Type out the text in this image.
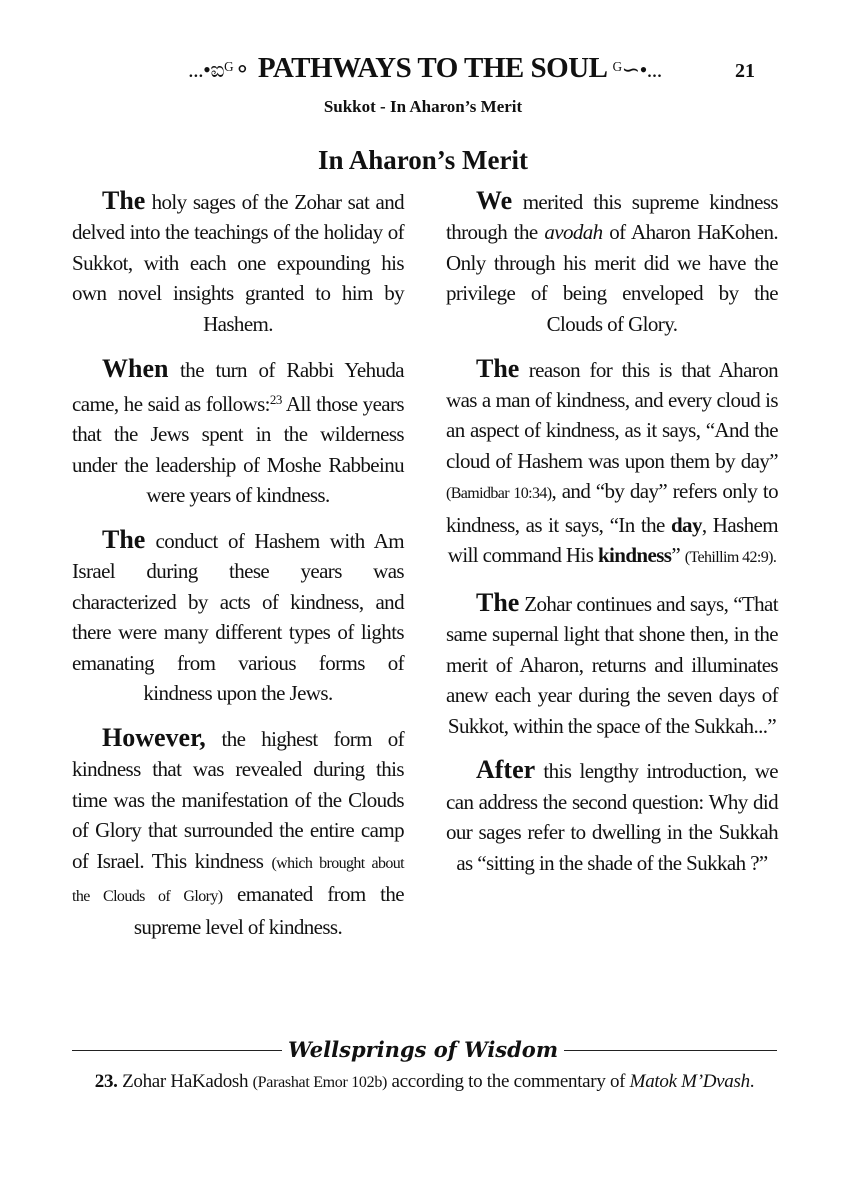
...•ಐᴳ⚬ PATHWAYS TO THE SOUL ᴳ∽•...	21
Sukkot - In Aharon’s Merit
In Aharon’s Merit

The holy sages of the Zohar sat and delved into the teachings of the holiday of Sukkot, with each one expounding his own novel insights granted to him by Hashem.

When the turn of Rabbi Yehuda came, he said as follows:$^{23}$ All those years that the Jews spent in the wilderness under the leadership of Moshe Rabbeinu were years of kindness.

The conduct of Hashem with Am Israel during these years was characterized by acts of kindness, and there were many different types of lights emanating from various forms of kindness upon the Jews.

However, the highest form of kindness that was revealed during this time was the manifestation of the Clouds of Glory that surrounded the entire camp of Israel. This kindness (which brought about the Clouds of Glory) emanated from the supreme level of kindness.

We merited this supreme kindness through the avodah of Aharon HaKohen. Only through his merit did we have the privilege of being enveloped by the Clouds of Glory.

The reason for this is that Aharon was a man of kindness, and every cloud is an aspect of kindness, as it says, “And the cloud of Hashem was upon them by day” (Bamidbar 10:34), and “by day” refers only to kindness, as it says, “In the day, Hashem will command His kindness” (Tehillim 42:9).

The Zohar continues and says, “That same supernal light that shone then, in the merit of Aharon, returns and illuminates anew each year during the seven days of Sukkot, within the space of the Sukkah...”

After this lengthy introduction, we can address the second question: Why did our sages refer to dwelling in the Sukkah as “sitting in the shade of the Sukkah ?”

Wellsprings of Wisdom
23. Zohar HaKadosh (Parashat Emor 102b) according to the commentary of Matok M’Dvash.
